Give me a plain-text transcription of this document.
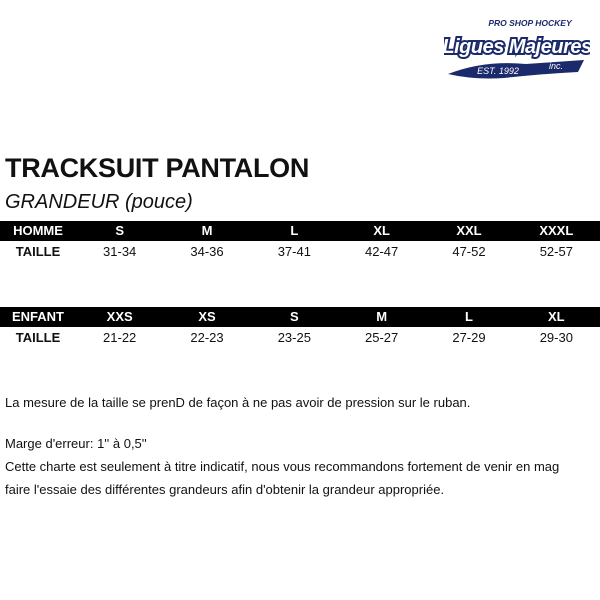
PRO SHOP HOCKEY
Ligues Majeures
EST. 1992	inc.
TRACKSUIT PANTALON
GRANDEUR (pouce)
HOMME	S	M	L	XL	XXL	XXXL
TAILLE	31-34	34-36	37-41	42-47	47-52	52-57
ENFANT	XXS	XS	S	M	L	XL
TAILLE	21-22	22-23	23-25	25-27	27-29	29-30
La mesure de la taille se prenD de façon à ne pas avoir de pression sur le ruban.
Marge d'erreur: 1'' à 0,5''
Cette charte est seulement à titre indicatif, nous vous recommandons fortement de venir en mag
faire l'essaie des différentes grandeurs afin d'obtenir la grandeur appropriée.
